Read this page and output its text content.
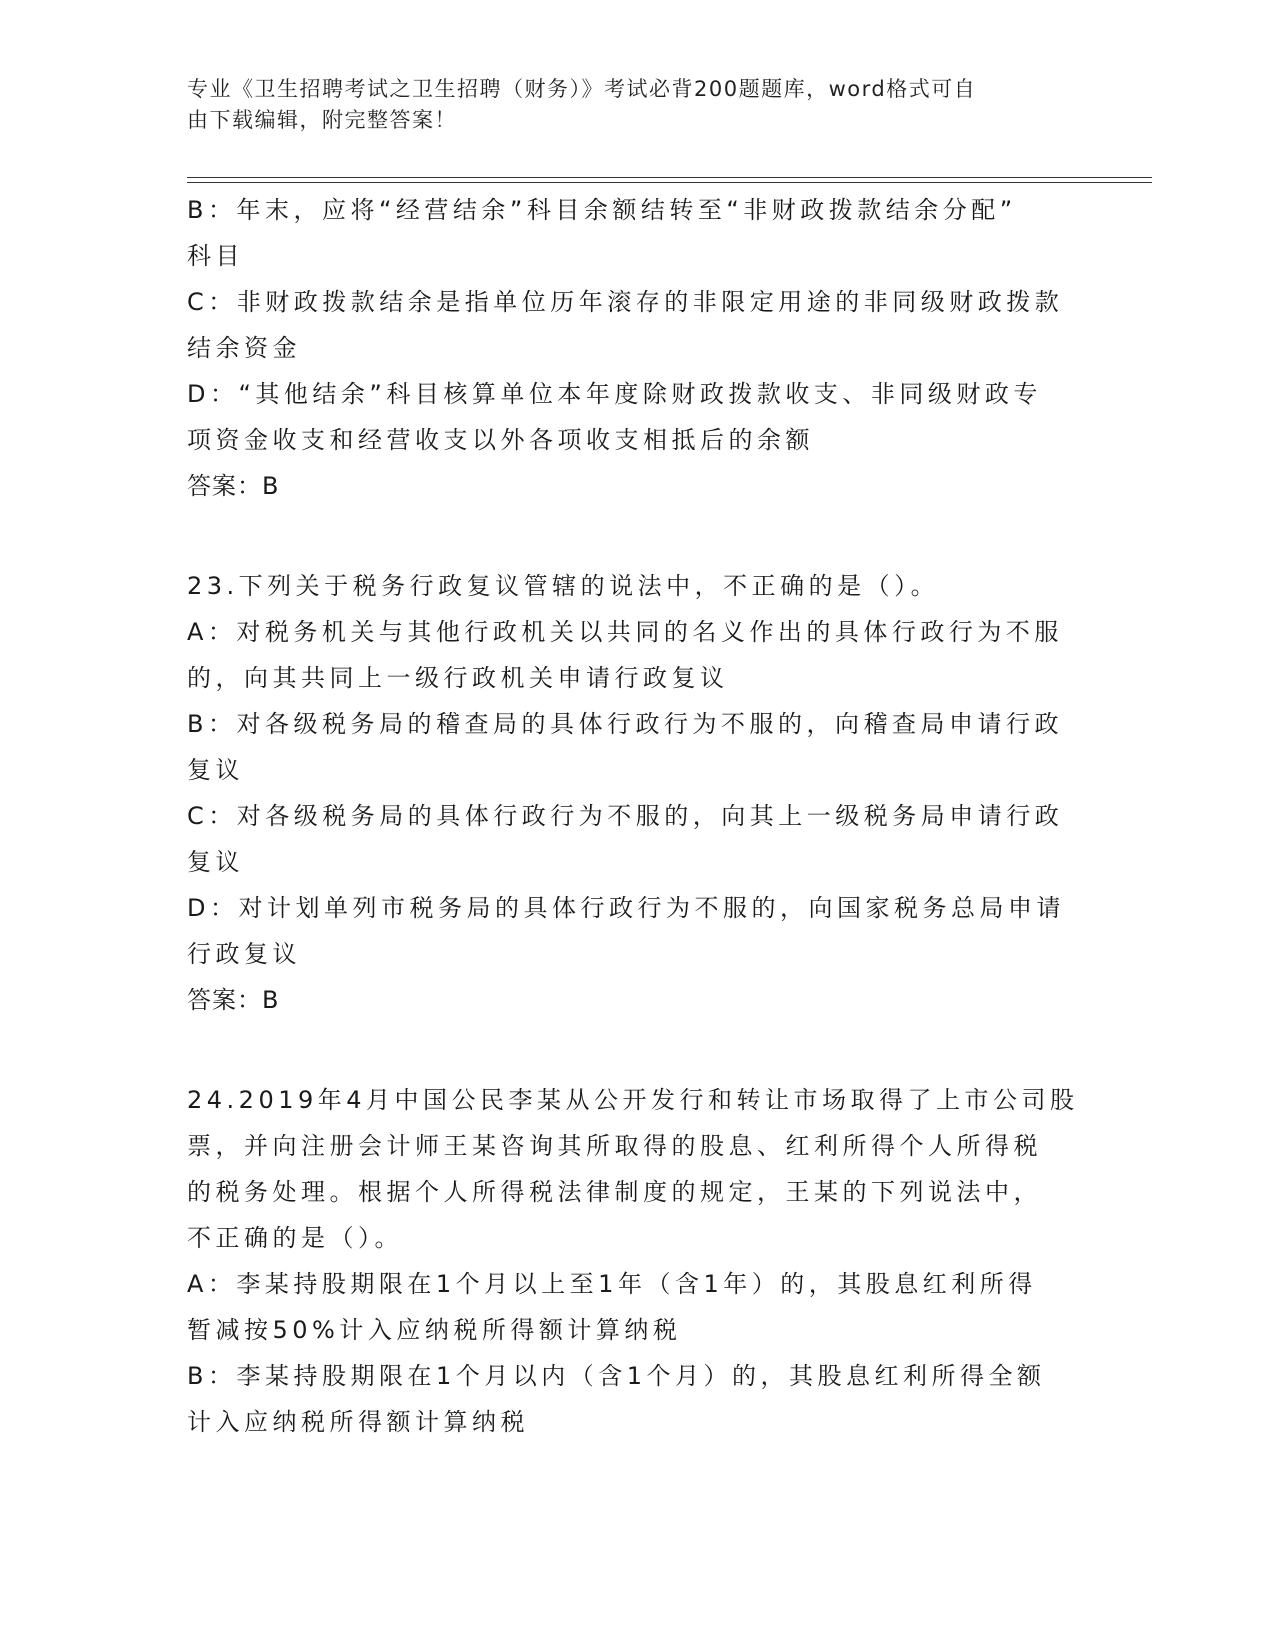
专业《卫生招聘考试之卫生招聘（财务）》考试必背200题题库，word格式可自
由下载编辑，附完整答案！
B：年末，应将“经营结余”科目余额结转至“非财政拨款结余分配”
科目
C：非财政拨款结余是指单位历年滚存的非限定用途的非同级财政拨款
结余资金
D：“其他结余”科目核算单位本年度除财政拨款收支、非同级财政专
项资金收支和经营收支以外各项收支相抵后的余额
答案：B
23.下列关于税务行政复议管辖的说法中，不正确的是（）。
A：对税务机关与其他行政机关以共同的名义作出的具体行政行为不服
的，向其共同上一级行政机关申请行政复议
B：对各级税务局的稽查局的具体行政行为不服的，向稽查局申请行政
复议
C：对各级税务局的具体行政行为不服的，向其上一级税务局申请行政
复议
D：对计划单列市税务局的具体行政行为不服的，向国家税务总局申请
行政复议
答案：B
24.2019年4月中国公民李某从公开发行和转让市场取得了上市公司股
票，并向注册会计师王某咨询其所取得的股息、红利所得个人所得税
的税务处理。根据个人所得税法律制度的规定，王某的下列说法中，
不正确的是（）。
A：李某持股期限在1个月以上至1年（含1年）的，其股息红利所得
暂减按50%计入应纳税所得额计算纳税
B：李某持股期限在1个月以内（含1个月）的，其股息红利所得全额
计入应纳税所得额计算纳税
